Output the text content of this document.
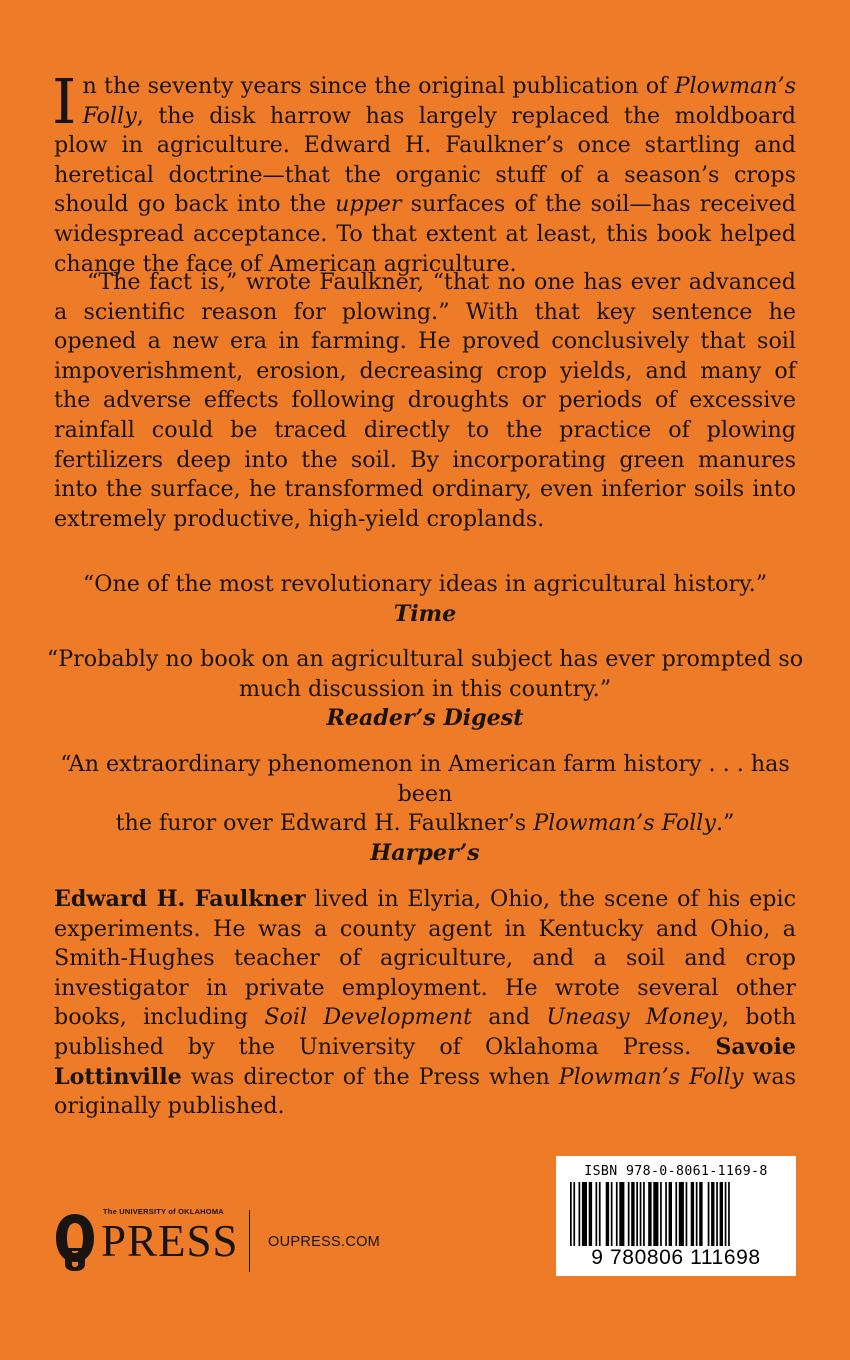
In the seventy years since the original publication of Plowman’s Folly, the disk harrow has largely replaced the moldboard plow in agriculture. Edward H. Faulkner’s once startling and heretical doctrine—that the organic stuff of a season’s crops should go back into the upper surfaces of the soil—has received widespread acceptance. To that extent at least, this book helped change the face of American agriculture.
“The fact is,” wrote Faulkner, “that no one has ever advanced a scientific reason for plowing.” With that key sentence he opened a new era in farming. He proved conclusively that soil impoverishment, erosion, decreasing crop yields, and many of the adverse effects following droughts or periods of excessive rainfall could be traced directly to the practice of plowing fertilizers deep into the soil. By incorporating green manures into the surface, he transformed ordinary, even inferior soils into extremely productive, high-yield croplands.
“One of the most revolutionary ideas in agricultural history.”
Time
“Probably no book on an agricultural subject has ever prompted so
much discussion in this country.”
Reader’s Digest
“An extraordinary phenomenon in American farm history . . . has been
the furor over Edward H. Faulkner’s Plowman’s Folly.”
Harper’s
Edward H. Faulkner lived in Elyria, Ohio, the scene of his epic experiments. He was a county agent in Kentucky and Ohio, a Smith-Hughes teacher of agriculture, and a soil and crop investigator in private employment. He wrote several other books, including Soil Development and Uneasy Money, both published by the University of Oklahoma Press. Savoie Lottinville was director of the Press when Plowman’s Folly was originally published.
The UNIVERSITY of OKLAHOMA
PRESS OUPRESS.COM
ISBN 978-0-8061-1169-8
9 780806 111698
